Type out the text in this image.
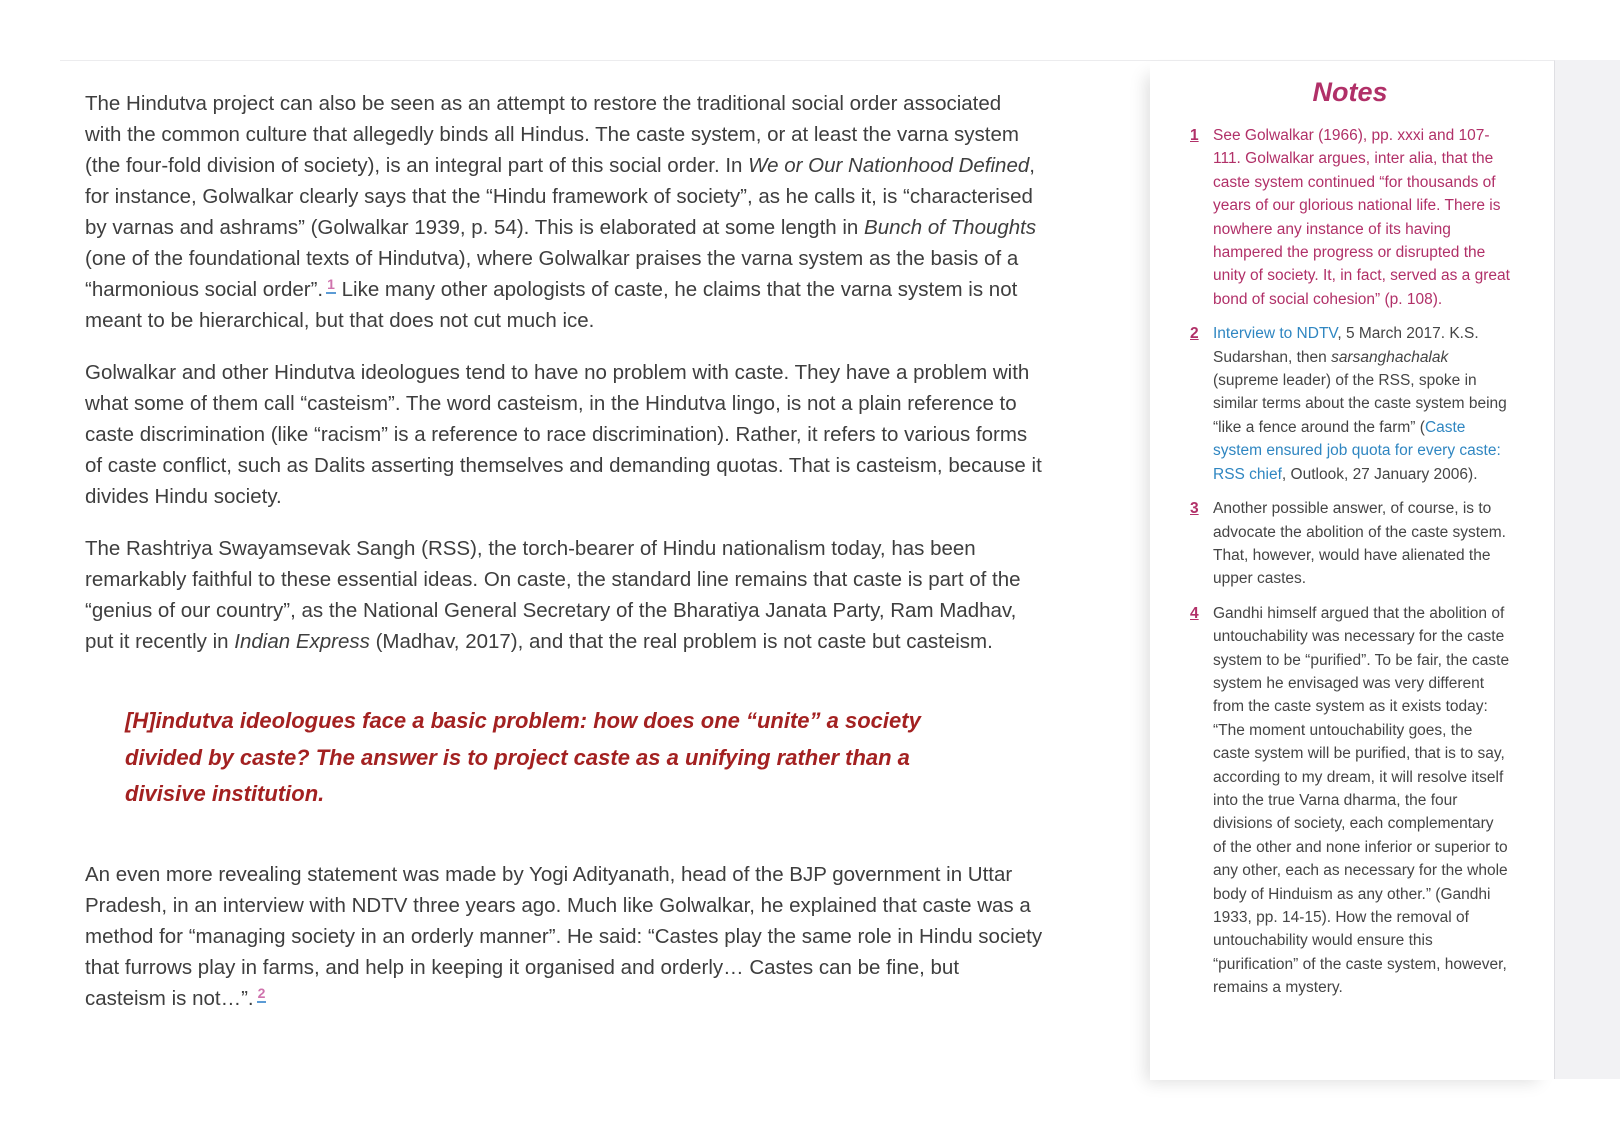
The Hindutva project can also be seen as an attempt to restore the traditional social order associated with the common culture that allegedly binds all Hindus. The caste system, or at least the varna system (the four-fold division of society), is an integral part of this social order. In We or Our Nationhood Defined, for instance, Golwalkar clearly says that the “Hindu framework of society”, as he calls it, is “characterised by varnas and ashrams” (Golwalkar 1939, p. 54). This is elaborated at some length in Bunch of Thoughts (one of the foundational texts of Hindutva), where Golwalkar praises the varna system as the basis of a “harmonious social order”. $^1$ Like many other apologists of caste, he claims that the varna system is not meant to be hierarchical, but that does not cut much ice.

Golwalkar and other Hindutva ideologues tend to have no problem with caste. They have a problem with what some of them call “casteism”. The word casteism, in the Hindutva lingo, is not a plain reference to caste discrimination (like “racism” is a reference to race discrimination). Rather, it refers to various forms of caste conflict, such as Dalits asserting themselves and demanding quotas. That is casteism, because it divides Hindu society.

The Rashtriya Swayamsevak Sangh (RSS), the torch-bearer of Hindu nationalism today, has been remarkably faithful to these essential ideas. On caste, the standard line remains that caste is part of the “genius of our country”, as the National General Secretary of the Bharatiya Janata Party, Ram Madhav, put it recently in Indian Express (Madhav, 2017), and that the real problem is not caste but casteism.

[H]indutva ideologues face a basic problem: how does one “unite” a society divided by caste? The answer is to project caste as a unifying rather than a divisive institution.

An even more revealing statement was made by Yogi Adityanath, head of the BJP government in Uttar Pradesh, in an interview with NDTV three years ago. Much like Golwalkar, he explained that caste was a method for “managing society in an orderly manner”. He said: “Castes play the same role in Hindu society that furrows play in farms, and help in keeping it organised and orderly… Castes can be fine, but casteism is not…”. $^2$

Notes
1 See Golwalkar (1966), pp. xxxi and 107-111. Golwalkar argues, inter alia, that the caste system continued “for thousands of years of our glorious national life. There is nowhere any instance of its having hampered the progress or disrupted the unity of society. It, in fact, served as a great bond of social cohesion” (p. 108).
2 Interview to NDTV, 5 March 2017. K.S. Sudarshan, then sarsanghachalak (supreme leader) of the RSS, spoke in similar terms about the caste system being “like a fence around the farm” (Caste system ensured job quota for every caste: RSS chief, Outlook, 27 January 2006).
3 Another possible answer, of course, is to advocate the abolition of the caste system. That, however, would have alienated the upper castes.
4 Gandhi himself argued that the abolition of untouchability was necessary for the caste system to be “purified”. To be fair, the caste system he envisaged was very different from the caste system as it exists today: “The moment untouchability goes, the caste system will be purified, that is to say, according to my dream, it will resolve itself into the true Varna dharma, the four divisions of society, each complementary of the other and none inferior or superior to any other, each as necessary for the whole body of Hinduism as any other.” (Gandhi 1933, pp. 14-15). How the removal of untouchability would ensure this “purification” of the caste system, however, remains a mystery.
